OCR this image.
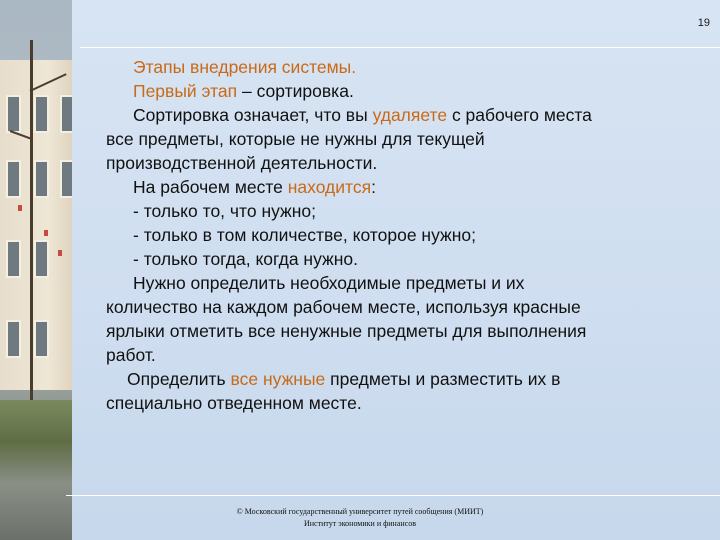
19

Этапы внедрения системы.

Первый этап – сортировка.

Сортировка означает, что вы удаляете с рабочего места

все предметы, которые не нужны для текущей

производственной деятельности.

На рабочем месте находится:

- только то, что нужно;

- только в том количестве, которое нужно;

- только тогда, когда нужно.

Нужно определить необходимые предметы и их

количество на каждом рабочем месте, используя красные

ярлыки отметить все ненужные предметы для выполнения

работ.

Определить все нужные предметы и разместить их в

специально отведенном месте.

© Московский государственный университет путей сообщения (МИИТ)
Институт экономики и финансов
